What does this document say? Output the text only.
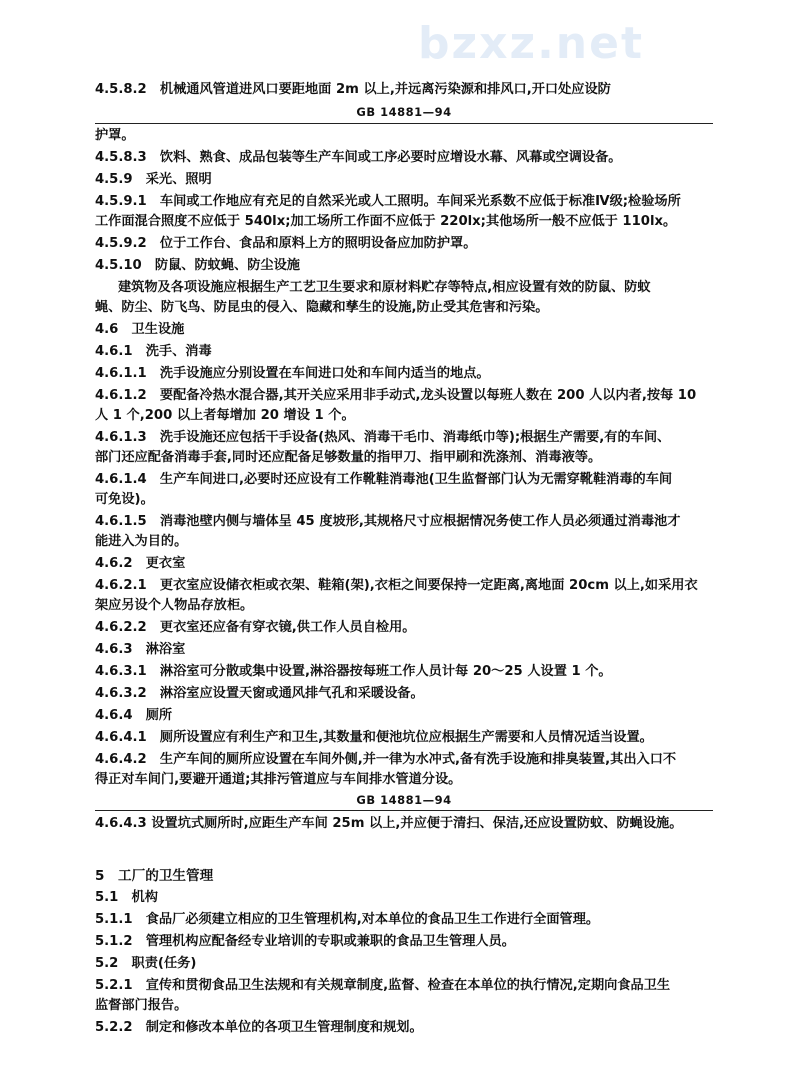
bzxz.net
4.5.8.2　机械通风管道进风口要距地面 2m 以上,并远离污染源和排风口,开口处应设防
GB 14881—94
护罩。
4.5.8.3　饮料、熟食、成品包装等生产车间或工序必要时应增设水幕、风幕或空调设备。
4.5.9　采光、照明
4.5.9.1　车间或工作地应有充足的自然采光或人工照明。车间采光系数不应低于标准Ⅳ级;检验场所
工作面混合照度不应低于 540lx;加工场所工作面不应低于 220lx;其他场所一般不应低于 110lx。
4.5.9.2　位于工作台、食品和原料上方的照明设备应加防护罩。
4.5.10　防鼠、防蚊蝇、防尘设施
建筑物及各项设施应根据生产工艺卫生要求和原材料贮存等特点,相应设置有效的防鼠、防蚊
蝇、防尘、防飞鸟、防昆虫的侵入、隐藏和孳生的设施,防止受其危害和污染。
4.6　卫生设施
4.6.1　洗手、消毒
4.6.1.1　洗手设施应分别设置在车间进口处和车间内适当的地点。
4.6.1.2　要配备冷热水混合器,其开关应采用非手动式,龙头设置以每班人数在 200 人以内者,按每 10
人 1 个,200 以上者每增加 20 增设 1 个。
4.6.1.3　洗手设施还应包括干手设备(热风、消毒干毛巾、消毒纸巾等);根据生产需要,有的车间、
部门还应配备消毒手套,同时还应配备足够数量的指甲刀、指甲刷和洗涤剂、消毒液等。
4.6.1.4　生产车间进口,必要时还应设有工作靴鞋消毒池(卫生监督部门认为无需穿靴鞋消毒的车间
可免设)。
4.6.1.5　消毒池壁内侧与墙体呈 45 度坡形,其规格尺寸应根据情况务使工作人员必须通过消毒池才
能进入为目的。
4.6.2　更衣室
4.6.2.1　更衣室应设储衣柜或衣架、鞋箱(架),衣柜之间要保持一定距离,离地面 20cm 以上,如采用衣
架应另设个人物品存放柜。
4.6.2.2　更衣室还应备有穿衣镜,供工作人员自检用。
4.6.3　淋浴室
4.6.3.1　淋浴室可分散或集中设置,淋浴器按每班工作人员计每 20～25 人设置 1 个。
4.6.3.2　淋浴室应设置天窗或通风排气孔和采暖设备。
4.6.4　厕所
4.6.4.1　厕所设置应有利生产和卫生,其数量和便池坑位应根据生产需要和人员情况适当设置。
4.6.4.2　生产车间的厕所应设置在车间外侧,并一律为水冲式,备有洗手设施和排臭装置,其出入口不
得正对车间门,要避开通道;其排污管道应与车间排水管道分设。
GB 14881—94
4.6.4.3 设置坑式厕所时,应距生产车间 25m 以上,并应便于清扫、保洁,还应设置防蚊、防蝇设施。
5　工厂的卫生管理
5.1　机构
5.1.1　食品厂必须建立相应的卫生管理机构,对本单位的食品卫生工作进行全面管理。
5.1.2　管理机构应配备经专业培训的专职或兼职的食品卫生管理人员。
5.2　职责(任务)
5.2.1　宣传和贯彻食品卫生法规和有关规章制度,监督、检查在本单位的执行情况,定期向食品卫生
监督部门报告。
5.2.2　制定和修改本单位的各项卫生管理制度和规划。
